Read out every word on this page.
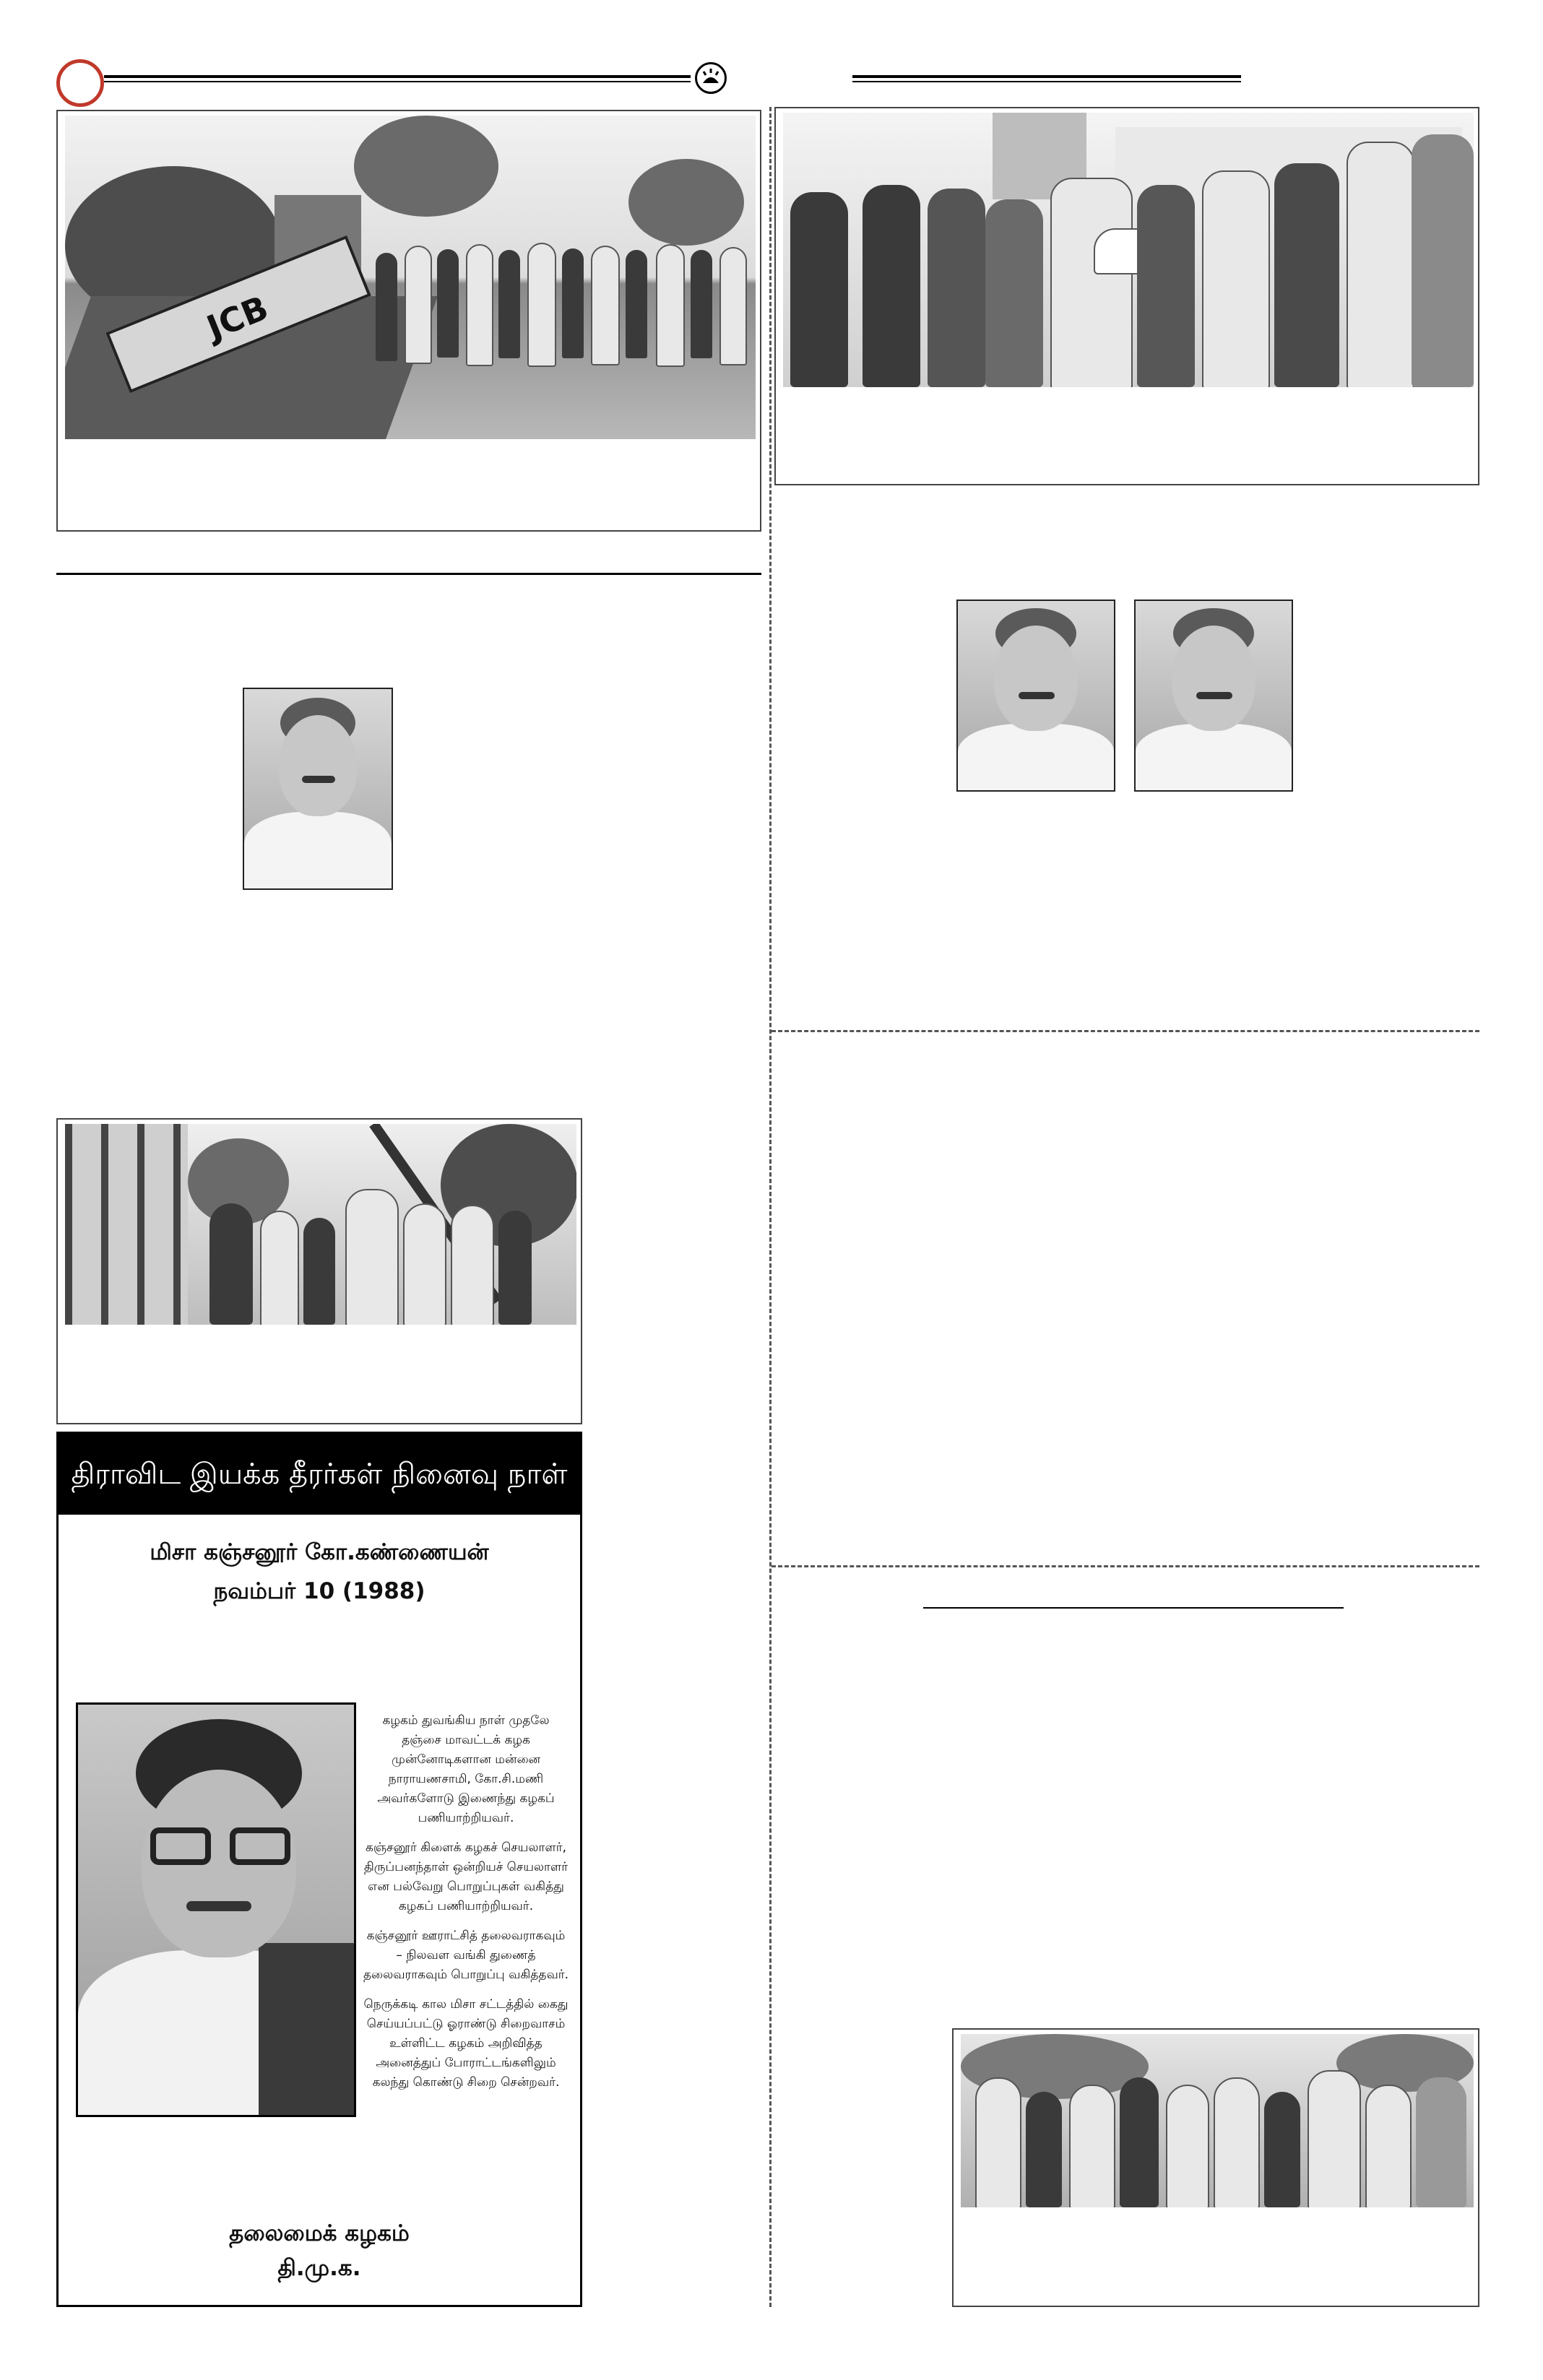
JCB
திராவிட இயக்க தீரர்கள் நினைவு நாள்
மிசா கஞ்சனூர் கோ.கண்ணையன்
நவம்பர் 10 (1988)

கழகம் துவங்கிய நாள் முதலே தஞ்சை மாவட்டக் கழக முன்னோடிகளான மன்னை நாராயணசாமி, கோ.சி.மணி அவர்களோடு இணைந்து கழகப் பணியாற்றியவர்.

கஞ்சனூர் கிளைக் கழகச் செயலாளர், திருப்பனந்தாள் ஒன்றியச் செயலாளர் என பல்வேறு பொறுப்புகள் வகித்து கழகப் பணியாற்றியவர்.

கஞ்சனூர் ஊராட்சித் தலைவராகவும் – நிலவள வங்கி துணைத் தலைவராகவும் பொறுப்பு வகித்தவர்.

நெருக்கடி கால மிசா சட்டத்தில் கைது செய்யப்பட்டு ஓராண்டு சிறைவாசம் உள்ளிட்ட கழகம் அறிவித்த அனைத்துப் போராட்டங்களிலும் கலந்து கொண்டு சிறை சென்றவர்.

தலைமைக் கழகம்
தி.மு.க.
